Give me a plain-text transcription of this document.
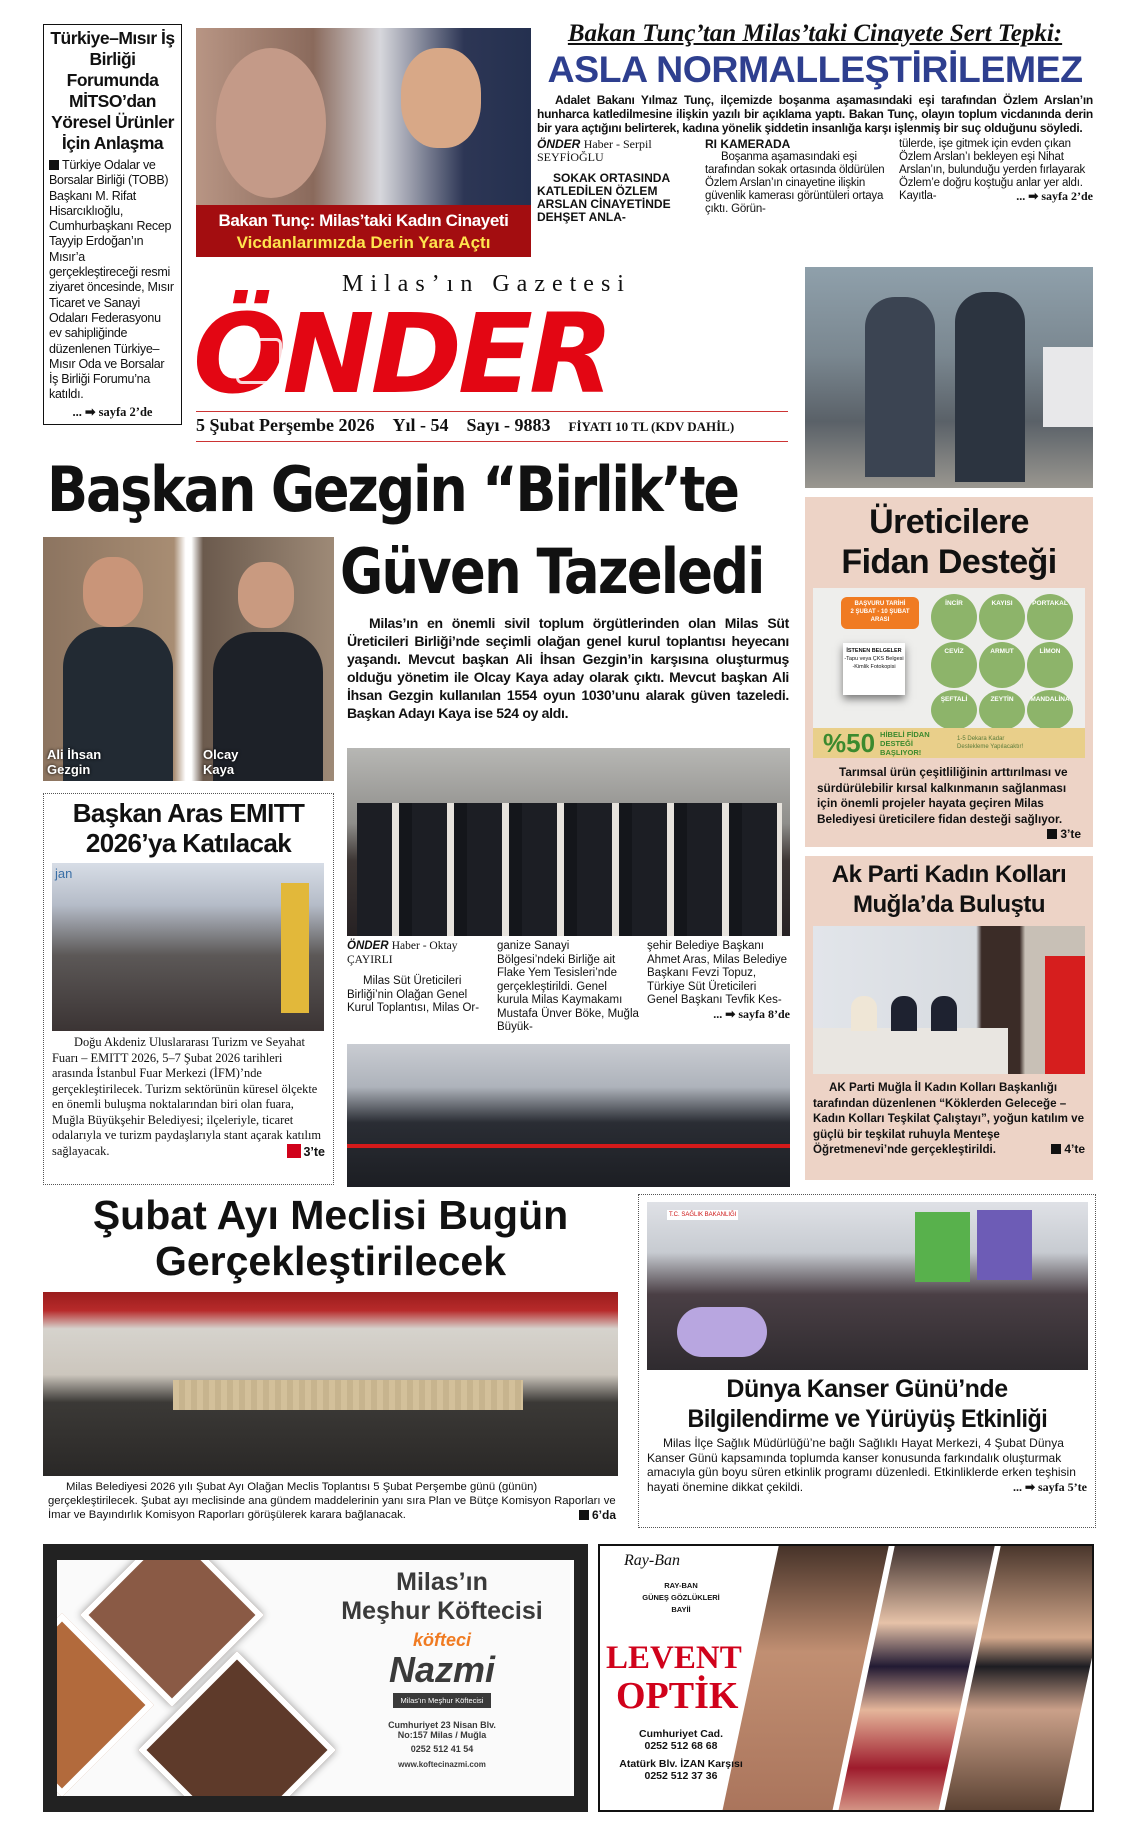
Türkiye–Mısır İş Birliği Forumunda MİTSO’dan Yöresel Ürünler İçin Anlaşma

Türkiye Odalar ve Borsalar Birliği (TOBB) Başkanı M. Rifat Hisarcıklıoğlu, Cumhurbaşkanı Recep Tayyip Erdoğan’ın Mısır’a gerçekleştireceği resmi ziyaret öncesinde, Mısır Ticaret ve Sanayi Odaları Federasyonu ev sahipliğinde düzenlenen Türkiye–Mısır Oda ve Borsalar İş Birliği Forumu’na katıldı.

... ➡ sayfa 2’de
Bakan Tunç: Milas’taki Kadın Cinayeti
Vicdanlarımızda Derin Yara Açtı
Bakan Tunç’tan Milas’taki Cinayete Sert Tepki:
ASLA NORMALLEŞTİRİLEMEZ

Adalet Bakanı Yılmaz Tunç, ilçemizde boşanma aşamasındaki eşi tarafından Özlem Arslan’ın hunharca katledilmesine ilişkin yazılı bir açıklama yaptı. Bakan Tunç, olayın toplum vicdanında derin bir yara açtığını belirterek, kadına yönelik şiddetin insanlığa karşı işlenmiş bir suç olduğunu söyledi.

ÖNDER Haber - Serpil SEYFİOĞLU

SOKAK ORTASINDA KATLEDİLEN ÖZLEM ARSLAN CİNAYETİNDE DEHŞET ANLA-

RI KAMERADA

Boşanma aşamasındaki eşi tarafından sokak ortasında öldürülen Özlem Arslan’ın cinayetine ilişkin güvenlik kamerası görüntüleri ortaya çıktı. Görün-

tülerde, işe gitmek için evden çıkan Özlem Arslan’ı bekleyen eşi Nihat Arslan’ın, bulunduğu yerden fırlayarak Özlem’e doğru koştuğu anlar yer aldı. Kayıtla-	... ➡ sayfa 2’de

Milas’ın Gazetesi
ÖNDER
5 Şubat Perşembe 2026 Yıl - 54 Sayı - 9883 FİYATI 10 TL (KDV DAHİL)
Başkan Gezgin “Birlik’te
Güven Tazeledi
Ali İhsan Gezgin
Olcay Kaya

Milas’ın en önemli sivil toplum örgütlerinden olan Milas Süt Üreticileri Birliği’nde seçimli olağan genel kurul toplantısı heyecanı yaşandı. Mevcut başkan Ali İhsan Gezgin’in karşısına oluşturmuş olduğu yönetim ile Olcay Kaya aday olarak çıktı. Mevcut başkan Ali İhsan Gezgin kullanılan 1554 oyun 1030’unu alarak güven tazeledi. Başkan Adayı Kaya ise 524 oy aldı.

ÖNDER Haber - Oktay ÇAYIRLI

Milas Süt Üreticileri Birliği’nin Olağan Genel Kurul Toplantısı, Milas Or-

ganize Sanayi Bölgesi’ndeki Birliğe ait Flake Yem Tesisleri’nde gerçekleştirildi. Genel kurula Milas Kaymakamı Mustafa Ünver Böke, Muğla Büyük-

şehir Belediye Başkanı Ahmet Aras, Milas Belediye Başkanı Fevzi Topuz, Türkiye Süt Üreticileri Genel Başkanı Tevfik Kes-
... ➡ sayfa 8’de

Başkan Aras EMITT 2026’ya Katılacak
jan

Doğu Akdeniz Uluslararası Turizm ve Seyahat Fuarı – EMITT 2026, 5–7 Şubat 2026 tarihleri arasında İstanbul Fuar Merkezi (İFM)’nde gerçekleştirilecek. Turizm sektörünün küresel ölçekte en önemli buluşma noktalarından biri olan fuara, Muğla Büyükşehir Belediyesi; ilçeleriyle, ticaret odalarıyla ve turizm paydaşlarıyla stant açarak katılım sağlayacak.	3’te

Üreticilere Fidan Desteği
BAŞVURU TARİHİ
2 ŞUBAT - 10 ŞUBAT
ARASI
İSTENEN BELGELER
-Tapu veya ÇKS Belgesi -Kimlik Fotokopisi
İNCİR	KAYISI	PORTAKAL
CEVİZ	ARMUT	LİMON
ŞEFTALİ	ZEYTİN	MANDALİNA
%50 HİBELİ FİDAN DESTEĞİ BAŞLIYOR!
1-5 Dekara Kadar Destekleme Yapılacaktır!

Tarımsal ürün çeşitliliğinin arttırılması ve sürdürülebilir kırsal kalkınmanın sağlanması için önemli projeler hayata geçiren Milas Belediyesi üreticilere fidan desteği sağlıyor.
3’te

Ak Parti Kadın Kolları Muğla’da Buluştu

AK Parti Muğla İl Kadın Kolları Başkanlığı tarafından düzenlenen “Köklerden Geleceğe – Kadın Kolları Teşkilat Çalıştayı”, yoğun katılım ve güçlü bir teşkilat ruhuyla Menteşe Öğretmenevi’nde gerçekleştirildi.	4’te

Şubat Ayı Meclisi Bugün
Gerçekleştirilecek

Milas Belediyesi 2026 yılı Şubat Ayı Olağan Meclis Toplantısı 5 Şubat Perşembe günü (günün) gerçekleştirilecek. Şubat ayı meclisinde ana gündem maddelerinin yanı sıra Plan ve Bütçe Komisyon Raporları ve İmar ve Bayındırlık Komisyon Raporları görüşülerek karara bağlanacak.	6’da

T.C. SAĞLIK BAKANLIĞI
Dünya Kanser Günü’nde
Bilgilendirme ve Yürüyüş Etkinliği

Milas İlçe Sağlık Müdürlüğü’ne bağlı Sağlıklı Hayat Merkezi, 4 Şubat Dünya Kanser Günü kapsamında toplumda kanser konusunda farkındalık oluşturmak amacıyla gün boyu süren etkinlik programı düzenledi. Etkinliklerde erken teşhisin hayati önemine dikkat çekildi.	... ➡ sayfa 5’te

Milas’ın
Meşhur Köftecisi
köfteci
Nazmi
Milas’ın Meşhur Köftecisi
Cumhuriyet 23 Nisan Blv.
No:157 Milas / Muğla
0252 512 41 54
www.koftecinazmi.com
Ray-Ban
RAY-BAN
GÜNEŞ GÖZLÜKLERİ
BAYİİ
LEVENT
OPTİK
Cumhuriyet Cad.
0252 512 68 68
Atatürk Blv. İZAN Karşısı
0252 512 37 36
